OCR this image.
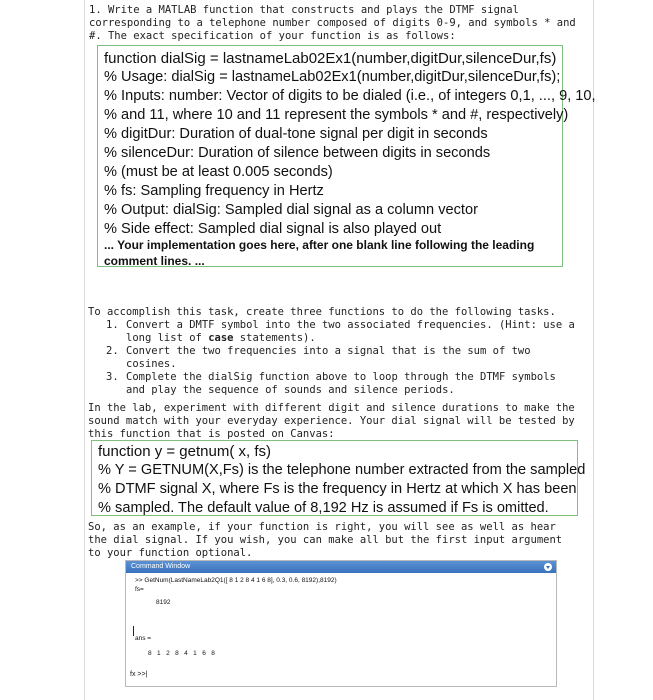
1. Write a MATLAB function that constructs and plays the DTMF signal
corresponding to a telephone number composed of digits 0-9, and symbols * and
#. The exact specification of your function is as follows:
function dialSig = lastnameLab02Ex1(number,digitDur,silenceDur,fs)
% Usage: dialSig = lastnameLab02Ex1(number,digitDur,silenceDur,fs);
% Inputs: number: Vector of digits to be dialed (i.e., of integers 0,1, ..., 9, 10,
% and 11, where 10 and 11 represent the symbols * and #, respectively)
% digitDur: Duration of dual-tone signal per digit in seconds
% silenceDur: Duration of silence between digits in seconds
% (must be at least 0.005 seconds)
% fs: Sampling frequency in Hertz
% Output: dialSig: Sampled dial signal as a column vector
% Side effect: Sampled dial signal is also played out
... Your implementation goes here, after one blank line following the leading
comment lines. ...
To accomplish this task, create three functions to do the following tasks.
1. Convert a DMTF symbol into the two associated frequencies. (Hint: use a
long list of case statements).
2. Convert the two frequencies into a signal that is the sum of two
cosines.
3. Complete the dialSig function above to loop through the DTMF symbols
and play the sequence of sounds and silence periods.
In the lab, experiment with different digit and silence durations to make the
sound match with your everyday experience. Your dial signal will be tested by
this function that is posted on Canvas:
function y = getnum( x, fs)
% Y = GETNUM(X,Fs) is the telephone number extracted from the sampled
% DTMF signal X, where Fs is the frequency in Hertz at which X has been
% sampled. The default value of 8,192 Hz is assumed if Fs is omitted.
So, as an example, if your function is right, you will see as well as hear
the dial signal. If you wish, you can make all but the first input argument
to your function optional.
Command Window
>> GetNum(LastNameLab2Q1([ 8 1 2 8 4 1 6 8], 0.3, 0.6, 8192),8192)
fs=
8192
ans =
8   1   2   8   4   1   6   8
fx >>|
